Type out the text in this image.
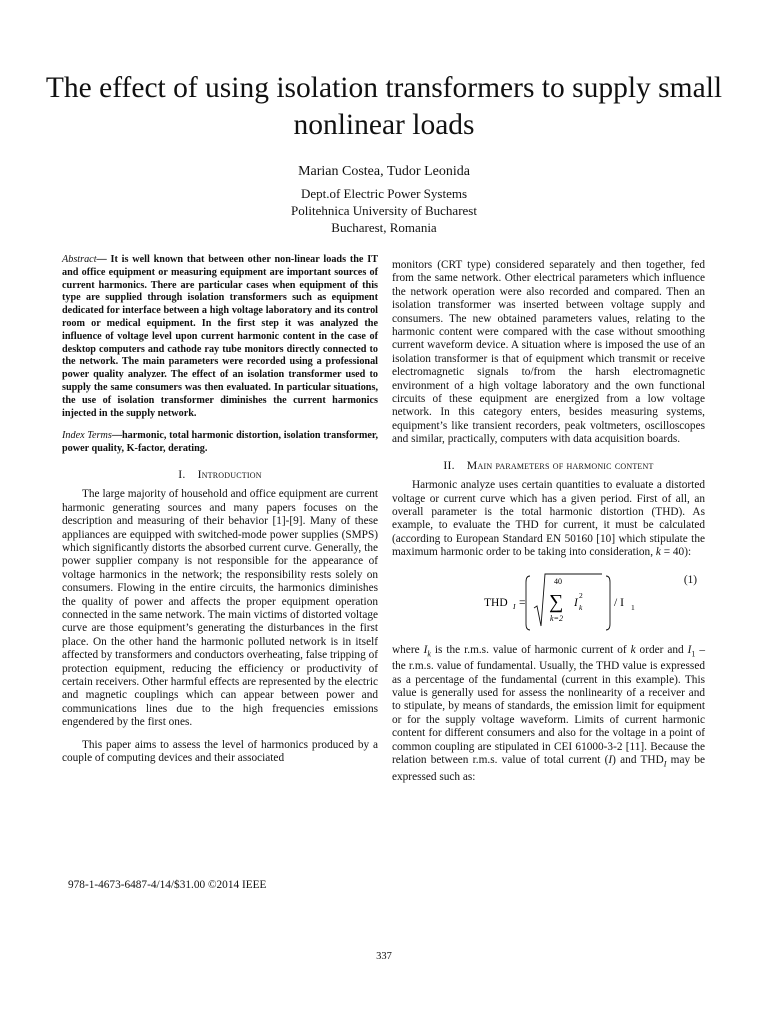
The effect of using isolation transformers to supply small nonlinear loads
Marian Costea, Tudor Leonida
Dept.of Electric Power Systems
Politehnica University of Bucharest
Bucharest, Romania

Abstract— It is well known that between other non-linear loads the IT and office equipment or measuring equipment are important sources of current harmonics. There are particular cases when equipment of this type are supplied through isolation transformers such as equipment dedicated for interface between a high voltage laboratory and its control room or medical equipment. In the first step it was analyzed the influence of voltage level upon current harmonic content in the case of desktop computers and cathode ray tube monitors directly connected to the network. The main parameters were recorded using a professional power quality analyzer. The effect of an isolation transformer used to supply the same consumers was then evaluated. In particular situations, the use of isolation transformer diminishes the current harmonics injected in the supply network.

Index Terms—harmonic, total harmonic distortion, isolation transformer, power quality, K-factor, derating.

I. Introduction

The large majority of household and office equipment are current harmonic generating sources and many papers focuses on the description and measuring of their behavior [1]-[9]. Many of these appliances are equipped with switched-mode power supplies (SMPS) which significantly distorts the absorbed current curve. Generally, the power supplier company is not responsible for the appearance of voltage harmonics in the network; the responsibility rests solely on consumers. Flowing in the entire circuits, the harmonics diminishes the quality of power and affects the proper equipment operation connected in the same network. The main victims of distorted voltage curve are those equipment’s generating the disturbances in the first place. On the other hand the harmonic polluted network is in itself affected by transformers and conductors overheating, false tripping of protection equipment, reducing the efficiency or productivity of certain receivers. Other harmful effects are represented by the electric and magnetic couplings which can appear between power and communications lines due to the high frequencies emissions engendered by the first ones.

This paper aims to assess the level of harmonics produced by a couple of computing devices and their associated

monitors (CRT type) considered separately and then together, fed from the same network. Other electrical parameters which influence the network operation were also recorded and compared. Then an isolation transformer was inserted between voltage supply and consumers. The new obtained parameters values, relating to the harmonic content were compared with the case without smoothing current waveform device. A situation where is imposed the use of an isolation transformer is that of equipment which transmit or receive electromagnetic signals to/from the harsh electromagnetic environment of a high voltage laboratory and the own functional circuits of these equipment are energized from a low voltage network. In this category enters, besides measuring systems, equipment’s like transient recorders, peak voltmeters, oscilloscopes and similar, practically, computers with data acquisition boards.

II. Main parameters of harmonic content

Harmonic analyze uses certain quantities to evaluate a distorted voltage or current curve which has a given period. First of all, an overall parameter is the total harmonic distortion (THD). As example, to evaluate the THD for current, it must be calculated (according to European Standard EN 50160 [10] which stipulate the maximum harmonic order to be taking into consideration, k = 40):

THD I =
40
∑
k=2
I
2
k	/ I 1
(1)

where $I_k$ is the r.m.s. value of harmonic current of k order and $I_1$ – the r.m.s. value of fundamental. Usually, the THD value is expressed as a percentage of the fundamental (current in this example). This value is generally used for assess the nonlinearity of a receiver and to stipulate, by means of standards, the emission limit for equipment or for the supply voltage waveform. Limits of current harmonic content for different consumers and also for the voltage in a point of common coupling are stipulated in CEI 61000-3-2 [11]. Because the relation between r.m.s. value of total current (I) and $THD_I$ may be expressed such as:

978-1-4673-6487-4/14/$31.00 ©2014 IEEE
337
